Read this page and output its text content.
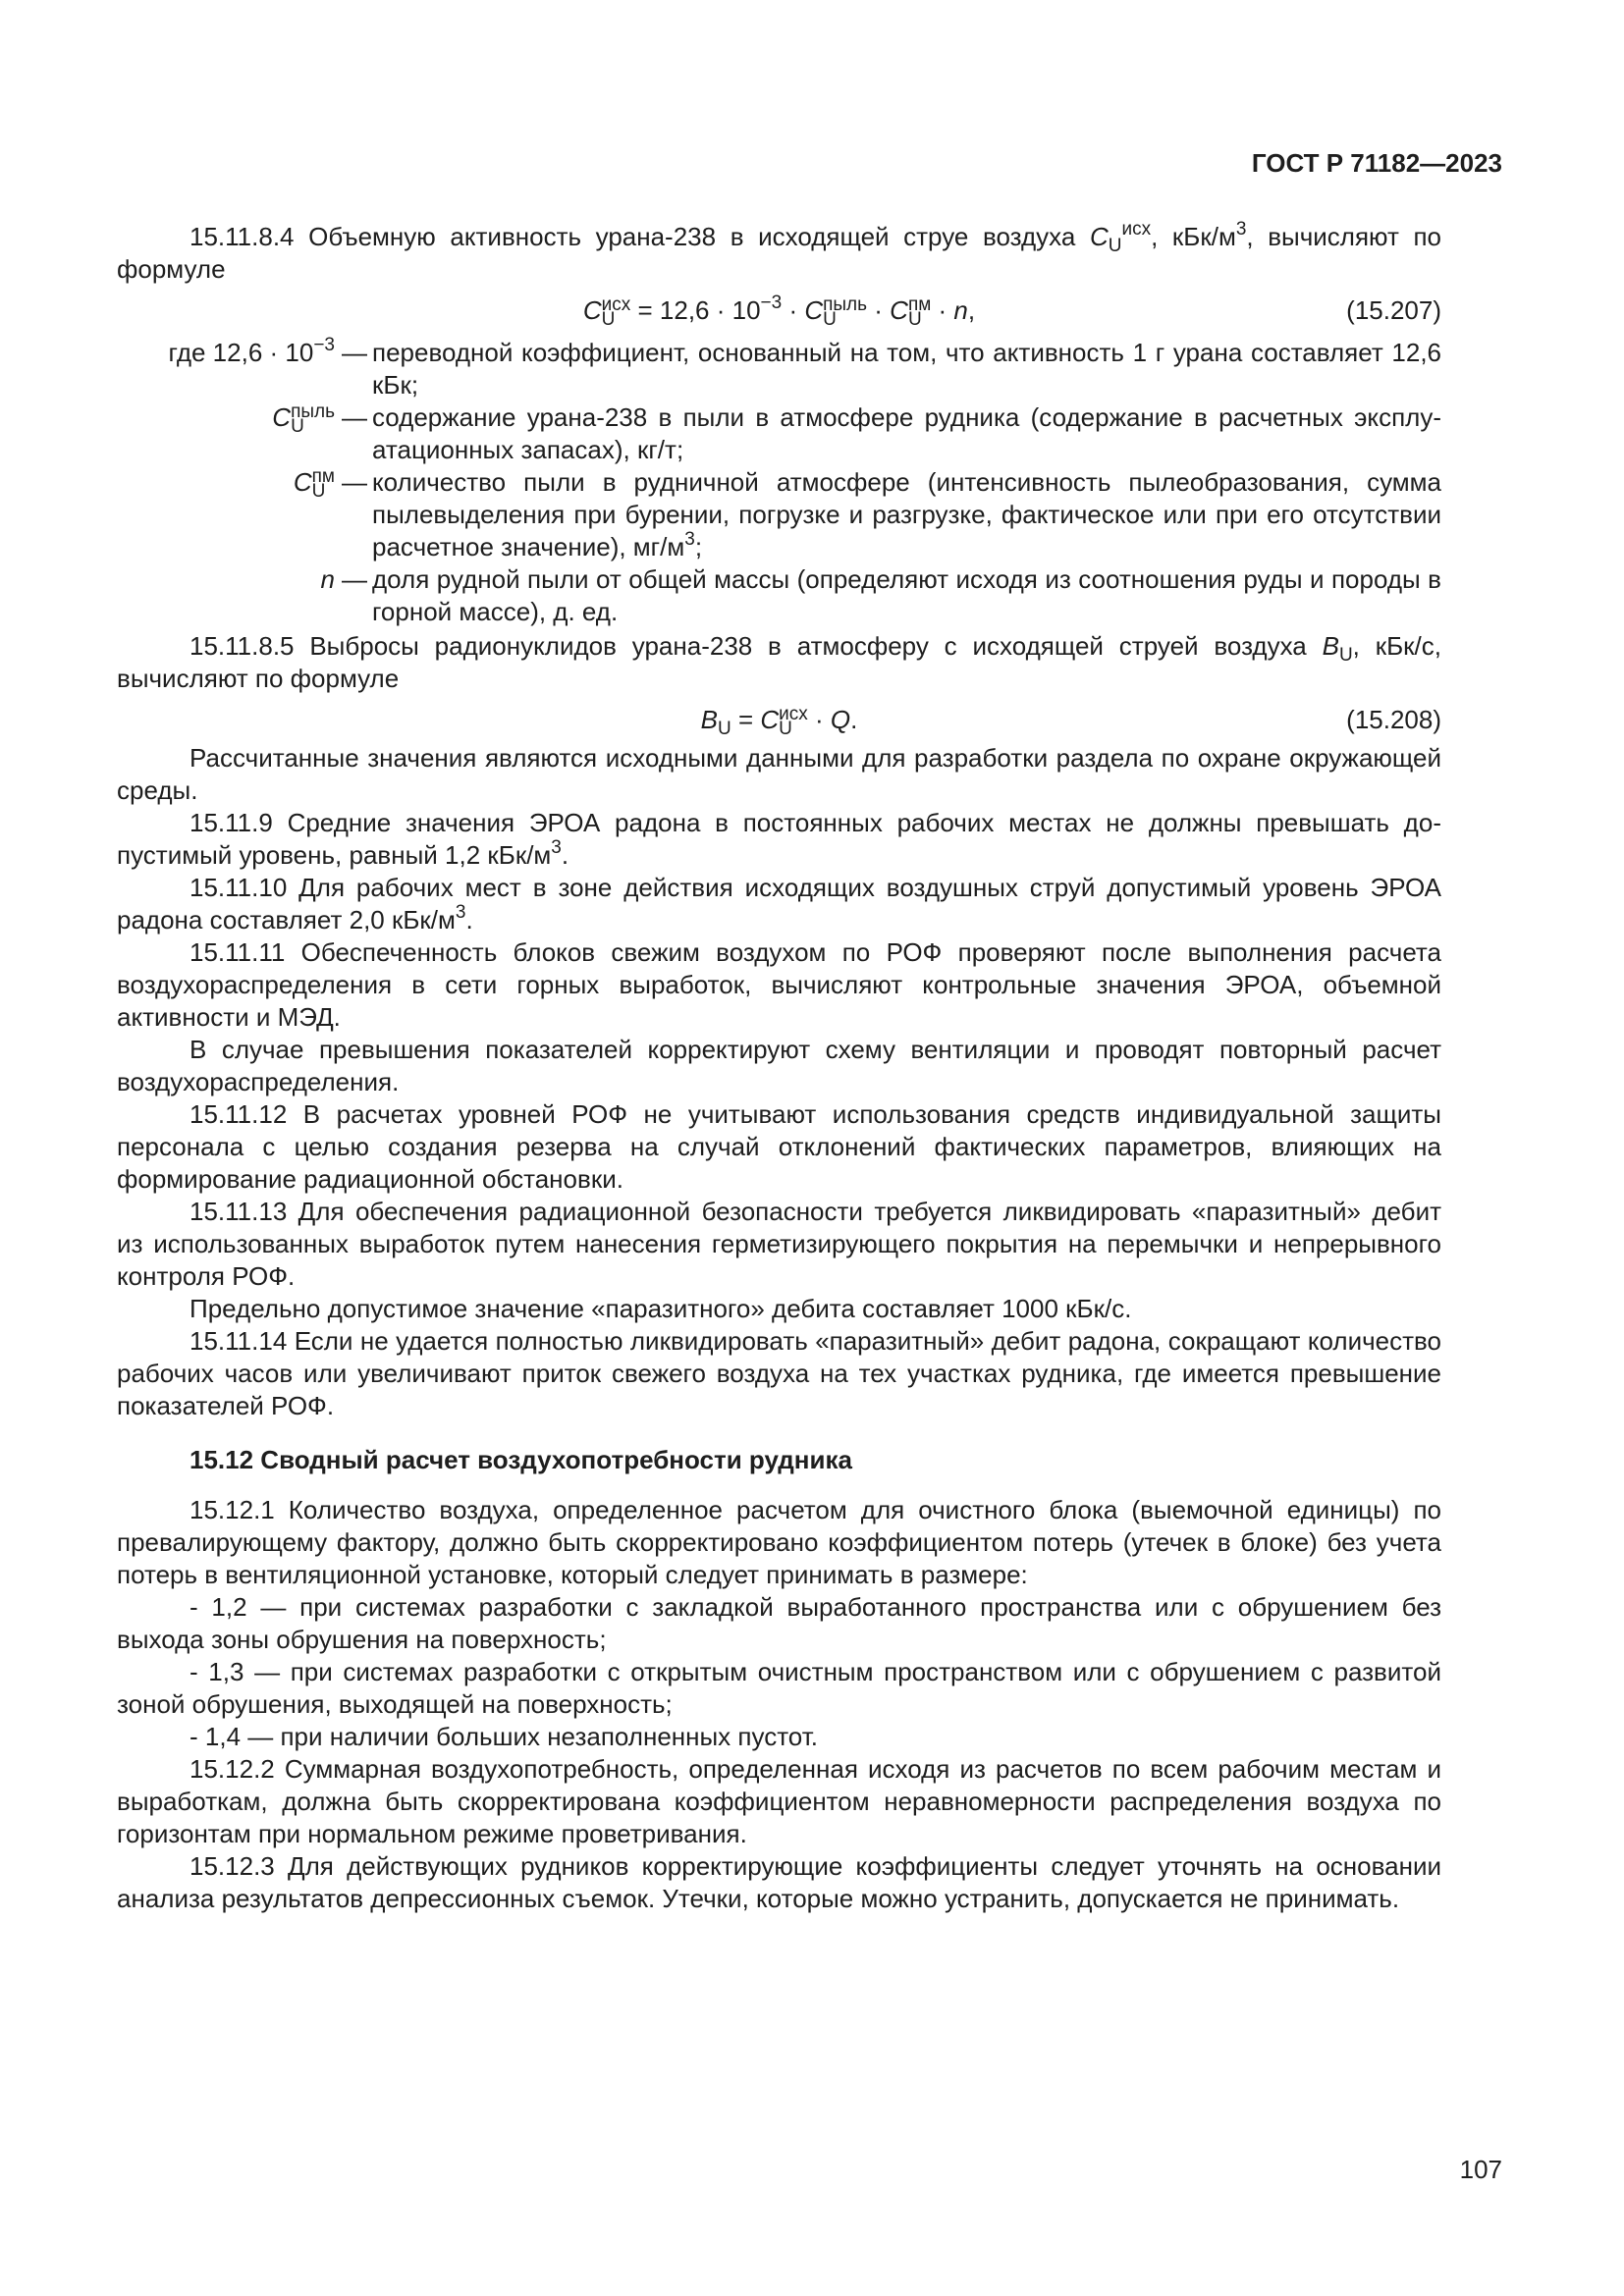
ГОСТ Р 71182—2023

15.11.8.4 Объемную активность урана-238 в исходящей струе воздуха $C_U^{исх}$, кБк/$м^3$, вычисляют по формуле

C исх
$U = 12,6 \cdot 10^{-3} \cdot C$ пыль
U	· C пм
U · n,	(15.207)
где $12,6 \cdot 10^{-3}$ — переводной коэффициент, основанный на том, что активность 1 г урана составляет 12,6 кБк;
C пыль
U	— содержание урана-238 в пыли в атмосфере рудника (содержание в расчетных эксплуатационных запасах), кг/т;
C пм
U — количество пыли в рудничной атмосфере (интенсивность пылеобразования, сумма пылевыделения при бурении, погрузке и разгрузке, фактическое или при его отсутствии расчетное значение), $мг/м^3$;
n — доля рудной пыли от общей массы (определяют исходя из соотношения руды и породы в горной массе), д. ед.

15.11.8.5 Выбросы радионуклидов урана-238 в атмосферу с исходящей струей воздуха $B_U$, кБк/с, вычисляют по формуле

$B_U = C$ исх
U · Q.	(15.208)

Рассчитанные значения являются исходными данными для разработки раздела по охране окружающей среды.

15.11.9 Средние значения ЭРОА радона в постоянных рабочих местах не должны превышать допустимый уровень, равный 1,2 кБк/$м^3$.

15.11.10 Для рабочих мест в зоне действия исходящих воздушных струй допустимый уровень ЭРОА радона составляет 2,0 кБк/$м^3$.

15.11.11 Обеспеченность блоков свежим воздухом по РОФ проверяют после выполнения расчета воздухораспределения в сети горных выработок, вычисляют контрольные значения ЭРОА, объемной активности и МЭД.

В случае превышения показателей корректируют схему вентиляции и проводят повторный расчет воздухораспределения.

15.11.12 В расчетах уровней РОФ не учитывают использования средств индивидуальной защиты персонала с целью создания резерва на случай отклонений фактических параметров, влияющих на формирование радиационной обстановки.

15.11.13 Для обеспечения радиационной безопасности требуется ликвидировать «паразитный» дебит из использованных выработок путем нанесения герметизирующего покрытия на перемычки и непрерывного контроля РОФ.

Предельно допустимое значение «паразитного» дебита составляет 1000 кБк/с.

15.11.14 Если не удается полностью ликвидировать «паразитный» дебит радона, сокращают количество рабочих часов или увеличивают приток свежего воздуха на тех участках рудника, где имеется превышение показателей РОФ.

15.12 Сводный расчет воздухопотребности рудника

15.12.1 Количество воздуха, определенное расчетом для очистного блока (выемочной единицы) по превалирующему фактору, должно быть скорректировано коэффициентом потерь (утечек в блоке) без учета потерь в вентиляционной установке, который следует принимать в размере:

- 1,2 — при системах разработки с закладкой выработанного пространства или с обрушением без выхода зоны обрушения на поверхность;

- 1,3 — при системах разработки с открытым очистным пространством или с обрушением с развитой зоной обрушения, выходящей на поверхность;

- 1,4 — при наличии больших незаполненных пустот.

15.12.2 Суммарная воздухопотребность, определенная исходя из расчетов по всем рабочим местам и выработкам, должна быть скорректирована коэффициентом неравномерности распределения воздуха по горизонтам при нормальном режиме проветривания.

15.12.3 Для действующих рудников корректирующие коэффициенты следует уточнять на основании анализа результатов депрессионных съемок. Утечки, которые можно устранить, допускается не принимать.

107
